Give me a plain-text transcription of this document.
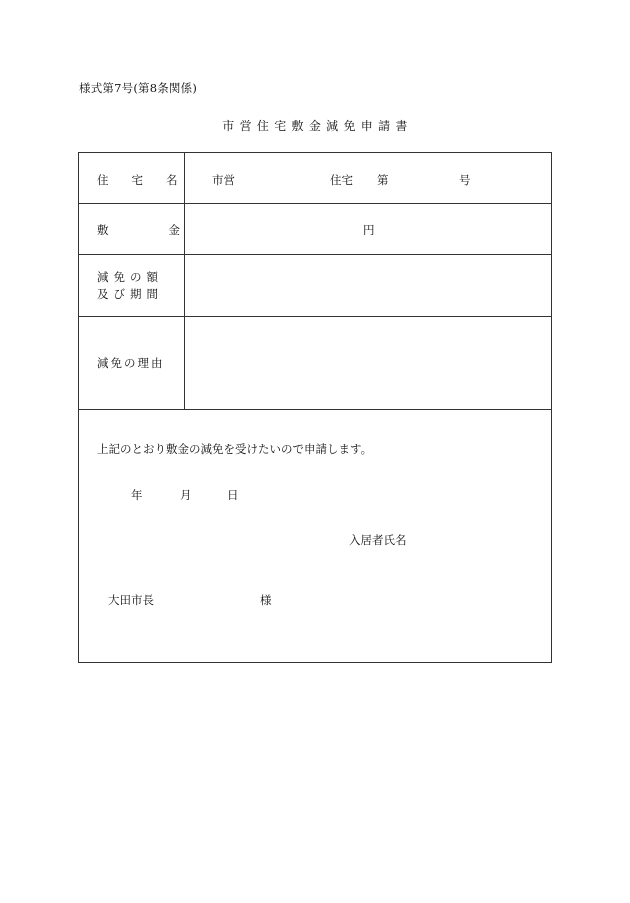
様式第7号(第8条関係)
市 営 住 宅 敷 金 減 免 申 請 書
住 宅 名	市営	住宅 第	号
敷	金	円
減 免 の 額
及 び 期 間
減 免 の 理 由
上記のとおり敷金の減免を受けたいので申請します。
年	月	日
入居者氏名
大田市長	様
